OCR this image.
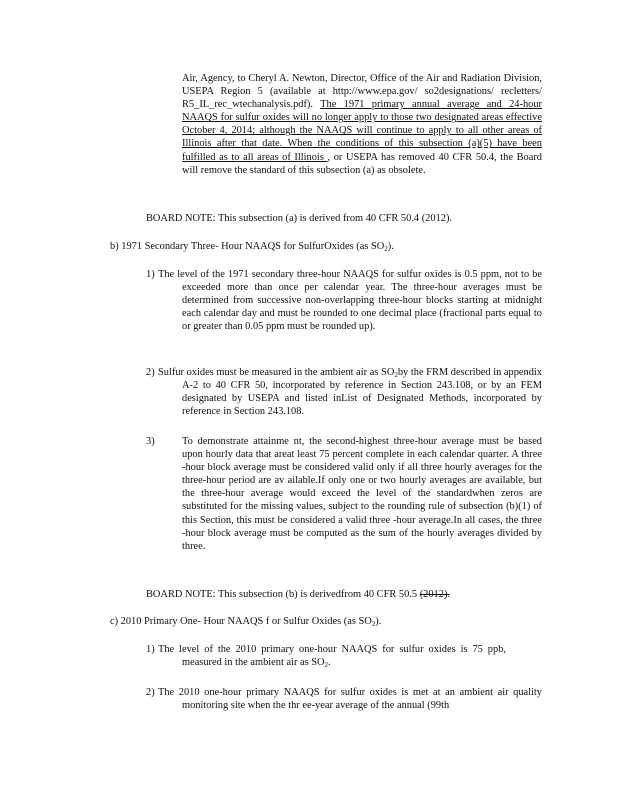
Air, Agency, to Cheryl A. Newton, Director, Office of the Air and Radiation Division, USEPA Region 5 (available at http://www.epa.gov/ so2designations/ recletters/ R5_IL_rec_wtechanalysis.pdf). The 1971 primary annual average and 24-hour NAAQS for sulfur oxides will no longer apply to those two designated areas effective October 4, 2014; although the NAAQS will continue to apply to all other areas of Illinois after that date. When the conditions of this subsection (a)(5) have been fulfilled as to all areas of Illinois , or USEPA has removed 40 CFR 50.4, the Board will remove the standard of this subsection (a) as obsolete.

BOARD NOTE: This subsection (a) is derived from 40 CFR 50.4 (2012).

b) 1971 Secondary Three- Hour NAAQS for SulfurOxides (as $SO_2$).

1) The level of the 1971 secondary three-hour NAAQS for sulfur oxides is 0.5 ppm, not to be exceeded more than once per calendar year. The three-hour averages must be determined from successive non-overlapping three-hour blocks starting at midnight each calendar day and must be rounded to one decimal place (fractional parts equal to or greater than 0.05 ppm must be rounded up).

2) Sulfur oxides must be measured in the ambient air as $SO_2by$ the FRM described in appendix A-2 to 40 CFR 50, incorporated by reference in Section 243.108, or by an FEM designated by USEPA and listed inList of Designated Methods, incorporated by reference in Section 243.108.

3)	To demonstrate attainme nt, the second-highest three-hour average must be based upon hourly data that areat least 75 percent complete in each calendar quarter. A three -hour block average must be considered valid only if all three hourly averages for the three-hour period are av ailable.If only one or two hourly averages are available, but the three-hour average would exceed the level of the standardwhen zeros are substituted for the missing values, subject to the rounding rule of subsection (b)(1) of this Section, this must be considered a valid three -hour average.In all cases, the three -hour block average must be computed as the sum of the hourly averages divided by three.

BOARD NOTE: This subsection (b) is derivedfrom 40 CFR 50.5 (2012).

c) 2010 Primary One- Hour NAAQS f or Sulfur Oxides (as $SO_2$).

1) The level of the 2010 primary one-hour NAAQS for sulfur oxides is 75 ppb, measured in the ambient air as $SO_2$.

2) The 2010 one-hour primary NAAQS for sulfur oxides is met at an ambient air quality monitoring site when the thr ee-year average of the annual (99th
